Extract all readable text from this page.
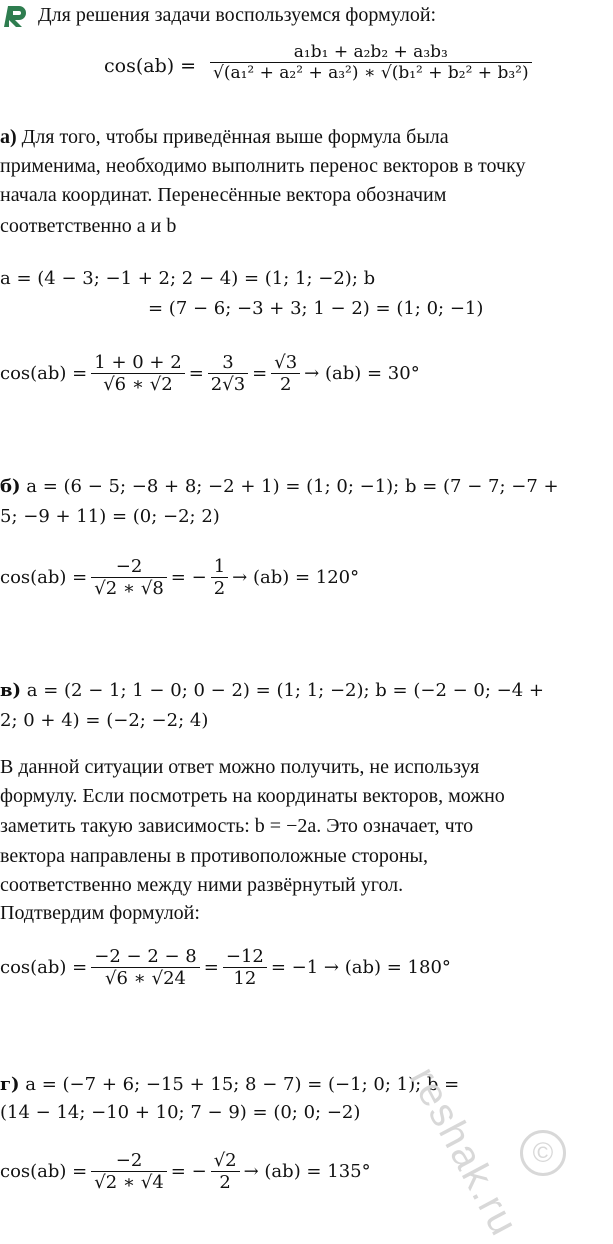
Для решения задачи воспользуемся формулой:
$\cos(ab) = \frac{\text{a₁b₁ + a₂b₂ + a₃b₃}}{\text{√(a₁² + a₂² + a₃²) ∗ √(b₁² + b₂² + b₃²)}}$
а) Для того, чтобы приведённая выше формула была
применима, необходимо выполнить перенос векторов в точку
начала координат. Перенесённые вектора обозначим
соответственно a и b
a = (4 − 3; −1 + 2; 2 − 4) = (1; 1; −2); b
= (7 − 6; −3 + 3; 1 − 2) = (1; 0; −1)
$\cos(ab) = \frac{1 + 0 + 2}{√6 ∗ √2} = \frac{3}{2√3} = \frac{√3}{2} \to (ab) = 30^\circ$
б) a = (6 − 5; −8 + 8; −2 + 1) = (1; 0; −1); b = (7 − 7; −7 +
5; −9 + 11) = (0; −2; 2)
$\cos(ab) = \frac{-2}{√2 ∗ √8}$ = − $\frac{1}{2} \to (ab) = 120^\circ$
в) a = (2 − 1; 1 − 0; 0 − 2) = (1; 1; −2); b = (−2 − 0; −4 +
2; 0 + 4) = (−2; −2; 4)
В данной ситуации ответ можно получить, не используя
формулу. Если посмотреть на координаты векторов, можно
заметить такую зависимость: b = −2a. Это означает, что
вектора направлены в противоположные стороны,
соответственно между ними развёрнутый угол.
Подтвердим формулой:
$\cos(ab) = \frac{-2 - 2 - 8}{√6 ∗ √24} = \frac{-12}{12} = -1 \to (ab) = 180^\circ$
г) a = (−7 + 6; −15 + 15; 8 − 7) = (−1; 0; 1); b =
(14 − 14; −10 + 10; 7 − 9) = (0; 0; −2)
$\cos(ab) = \frac{-2}{√2 ∗ √4}$ = − $\frac{√2}{2} \to (ab) = 135^\circ$ reshak.ru ©
